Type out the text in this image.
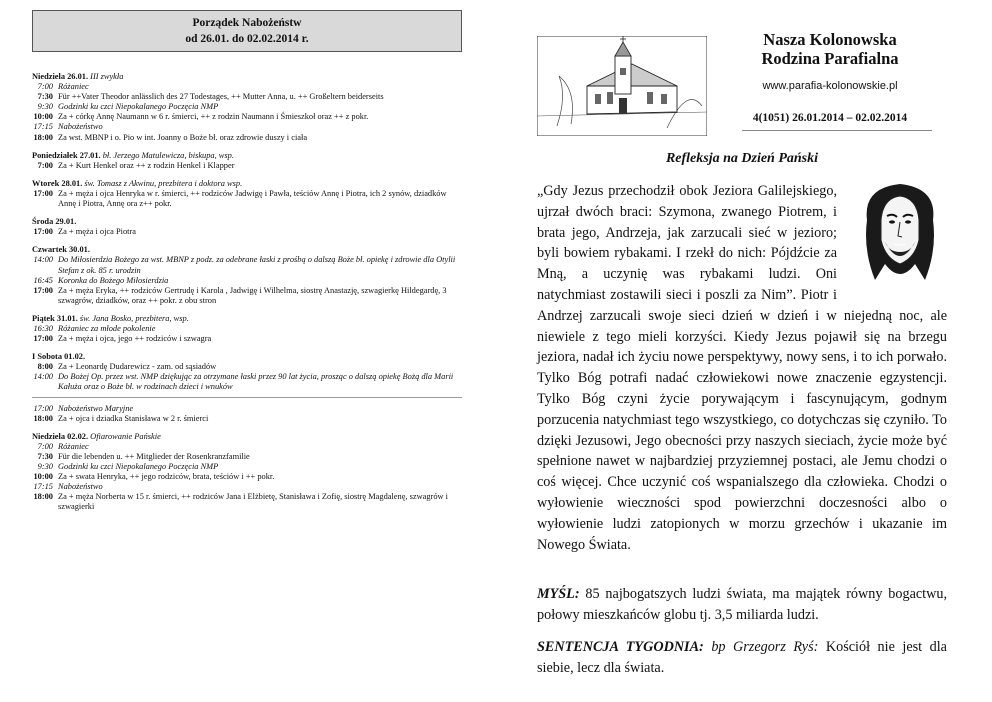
Porządek Nabożeństw
od 26.01. do 02.02.2014 r.
Niedziela 26.01. III zwykła
7:00 Różaniec
7:30 Für ++Vater Theodor anlässlich des 27 Todestages, ++ Mutter Anna, u. ++ Großeltern beiderseits
9:30 Godzinki ku czci Niepokalanego Poczęcia NMP
10:00 Za + córkę Annę Naumann w 6 r. śmierci, ++ z rodzin Naumann i Śmieszkoł oraz ++ z pokr.
17:15 Nabożeństwo
18:00 Za wst. MBNP i o. Pio w int. Joanny o Boże bł. oraz zdrowie duszy i ciała
Poniedziałek 27.01. bł. Jerzego Matulewicza, biskupa, wsp.
7:00 Za + Kurt Henkel oraz ++ z rodzin Henkel i Klapper
Wtorek 28.01. św. Tomasz z Akwinu, prezbitera i doktora wsp.
17:00 Za + męża i ojca Henryka w r. śmierci, ++ rodziców Jadwigę i Pawła, teściów Annę i Piotra, ich 2 synów, dziadków Annę i Piotra, Annę ora z++ pokr.
Środa 29.01.
17:00 Za + męża i ojca Piotra
Czwartek 30.01.
14:00 Do Miłosierdzia Bożego za wst. MBNP z podz. za odebrane łaski z prośbą o dalszą Boże bł. opiekę i zdrowie dla Otylii Stefan z ok. 85 r. urodzin
16:45 Koronka do Bożego Miłosierdzia
17:00 Za + męża Eryka, ++ rodziców Gertrudę i Karola , Jadwigę i Wilhelma, siostrę Anastazję, szwagierkę Hildegardę, 3 szwagrów, dziadków, oraz ++ pokr. z obu stron
Piątek 31.01. św. Jana Bosko, prezbitera, wsp.
16:30 Różaniec za młode pokolenie
17:00 Za + męża i ojca, jego ++ rodziców i szwagra
I Sobota 01.02.
8:00 Za + Leonardę Dudarewicz - zam. od sąsiadów
14:00 Do Bożej Op. przez wst. NMP dziękując za otrzymane łaski przez 90 lat życia, prosząc o dalszą opiekę Bożą dla Marii Kałuża oraz o Boże bł. w rodzinach dzieci i wnuków
17:00 Nabożeństwo Maryjne
18:00 Za + ojca i dziadka Stanisława w 2 r. śmierci
Niedziela 02.02. Ofiarowanie Pańskie
7:00 Różaniec
7:30 Für die lebenden u. ++ Mitglieder der Rosenkranzfamilie
9:30 Godzinki ku czci Niepokalanego Poczęcia NMP
10:00 Za + swata Henryka, ++ jego rodziców, brata, teściów i ++ pokr.
17:15 Nabożeństwo
18:00 Za + męża Norberta w 15 r. śmierci, ++ rodziców Jana i Elżbietę, Stanisława i Zofię, siostrę Magdalenę, szwagrów i szwagierki
Nasza Kolonowska
Rodzina Parafialna
www.parafia-kolonowskie.pl
4(1051) 26.01.2014 – 02.02.2014
Refleksja na Dzień Pański

„Gdy Jezus przechodził obok Jeziora Galilejskiego, ujrzał dwóch braci: Szymona, zwanego Piotrem, i brata jego, Andrzeja, jak zarzucali sieć w jezioro; byli bowiem rybakami. I rzekł do nich: Pójdźcie za Mną, a uczynię was rybakami ludzi. Oni natychmiast zostawili sieci i poszli za Nim”. Piotr i Andrzej zarzucali swoje sieci dzień w dzień i w niejedną noc, ale niewiele z tego mieli korzyści. Kiedy Jezus pojawił się na brzegu jeziora, nadał ich życiu nowe perspektywy, nowy sens, i to ich porwało. Tylko Bóg potrafi nadać człowiekowi nowe znaczenie egzystencji. Tylko Bóg czyni życie porywającym i fascynującym, godnym porzucenia natychmiast tego wszystkiego, co dotychczas się czyniło. To dzięki Jezusowi, Jego obecności przy naszych sieciach, życie może być spełnione nawet w najbardziej przyziemnej postaci, ale Jemu chodzi o coś więcej. Chce uczynić coś wspanialszego dla człowieka. Chodzi o wyłowienie wieczności spod powierzchni doczesności albo o wyłowienie ludzi zatopionych w morzu grzechów i ukazanie im Nowego Świata.

MYŚL: 85 najbogatszych ludzi świata, ma majątek równy bogactwu, połowy mieszkańców globu tj. 3,5 miliarda ludzi.
SENTENCJA TYGODNIA: bp Grzegorz Ryś: Kościół nie jest dla siebie, lecz dla świata.
